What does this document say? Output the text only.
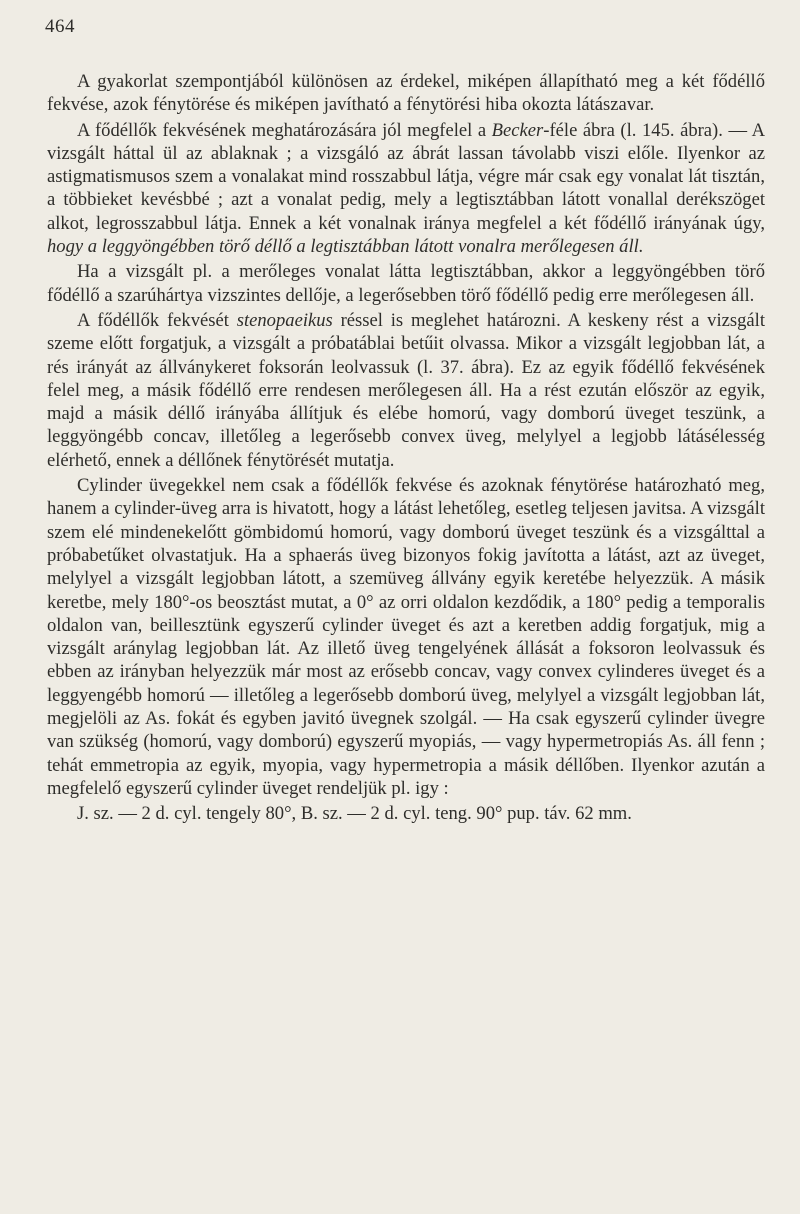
464

A gyakorlat szempontjából különösen az érdekel, miképen állapítható meg a két fődéllő fekvése, azok fénytörése és miképen javítható a fénytörési hiba okozta látászavar.

A fődéllők fekvésének meghatározására jól megfelel a Becker-féle ábra (l. 145. ábra). — A vizsgált háttal ül az ablaknak ; a vizsgáló az ábrát lassan távolabb viszi előle. Ilyenkor az astigmatismusos szem a vonalakat mind rosszabbul látja, végre már csak egy vonalat lát tisztán, a többieket kevésbbé ; azt a vonalat pedig, mely a legtisztábban látott vonallal derékszöget alkot, legrosszabbul látja. Ennek a két vonalnak iránya megfelel a két fődéllő irányának úgy, hogy a leggyöngébben törő déllő a legtisztábban látott vonalra merőlegesen áll.

Ha a vizsgált pl. a merőleges vonalat látta legtisztábban, akkor a leggyöngébben törő fődéllő a szarúhártya vizszintes dellője, a legerősebben törő fődéllő pedig erre merőlegesen áll.

A fődéllők fekvését stenopaeikus réssel is meglehet határozni. A keskeny rést a vizsgált szeme előtt forgatjuk, a vizsgált a próbatáblai betűit olvassa. Mikor a vizsgált legjobban lát, a rés irányát az állványkeret foksorán leolvassuk (l. 37. ábra). Ez az egyik fődéllő fekvésének felel meg, a másik fődéllő erre rendesen merőlegesen áll. Ha a rést ezután először az egyik, majd a másik déllő irányába állítjuk és elébe homorú, vagy domború üveget teszünk, a leggyöngébb concav, illetőleg a legerősebb convex üveg, melylyel a legjobb látásélesség elérhető, ennek a déllőnek fénytörését mutatja.

Cylinder üvegekkel nem csak a fődéllők fekvése és azoknak fénytörése határozható meg, hanem a cylinder-üveg arra is hivatott, hogy a látást lehetőleg, esetleg teljesen javitsa. A vizsgált szem elé mindenekelőtt gömbidomú homorú, vagy domború üveget teszünk és a vizsgálttal a próbabetűket olvastatjuk. Ha a sphaerás üveg bizonyos fokig javította a látást, azt az üveget, melylyel a vizsgált legjobban látott, a szemüveg állvány egyik keretébe helyezzük. A másik keretbe, mely 180°-os beosztást mutat, a 0° az orri oldalon kezdődik, a 180° pedig a temporalis oldalon van, beillesztünk egyszerű cylinder üveget és azt a keretben addig forgatjuk, mig a vizsgált aránylag legjobban lát. Az illető üveg tengelyének állását a foksoron leolvassuk és ebben az irányban helyezzük már most az erősebb concav, vagy convex cylinderes üveget és a leggyengébb homorú — illetőleg a legerősebb domború üveg, melylyel a vizsgált legjobban lát, megjelöli az As. fokát és egyben javitó üvegnek szolgál. — Ha csak egyszerű cylinder üvegre van szükség (homorú, vagy domború) egyszerű myopiás, — vagy hypermetropiás As. áll fenn ; tehát emmetropia az egyik, myopia, vagy hypermetropia a másik déllőben. Ilyenkor azután a megfelelő egyszerű cylinder üveget rendeljük pl. igy :

J. sz. — 2 d. cyl. tengely 80°, B. sz. — 2 d. cyl. teng. 90° pup. táv. 62 mm.
